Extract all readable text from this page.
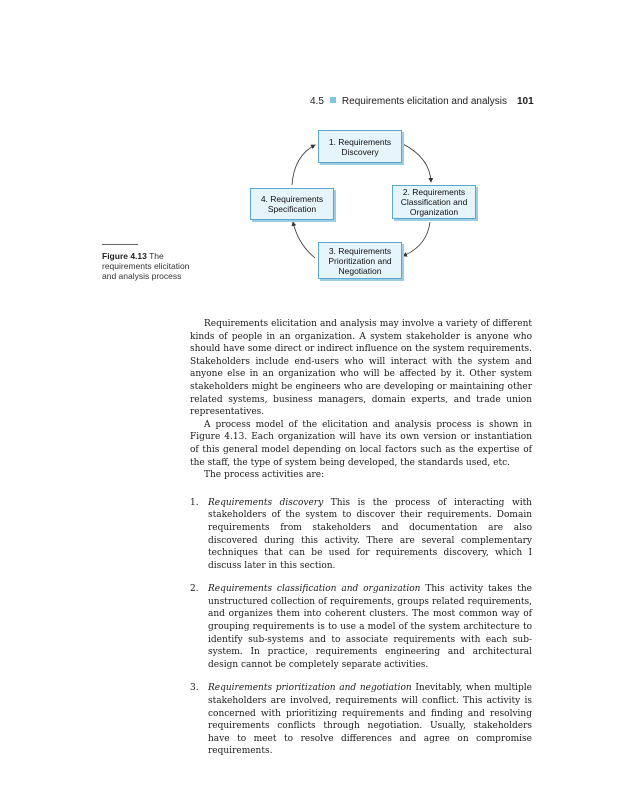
4.5 Requirements elicitation and analysis 101
1. Requirements
Discovery
2. Requirements
Classification and
Organization
3. Requirements
Prioritization and
Negotiation
4. Requirements
Specification
Figure 4.13 The requirements elicitation and analysis process

Requirements elicitation and analysis may involve a variety of different kinds of people in an organization. A system stakeholder is anyone who should have some direct or indirect influence on the system requirements. Stakeholders include end-users who will interact with the system and anyone else in an organization who will be affected by it. Other system stakeholders might be engineers who are developing or maintaining other related systems, business managers, domain experts, and trade union representatives.

A process model of the elicitation and analysis process is shown in Figure 4.13. Each organization will have its own version or instantiation of this general model depending on local factors such as the expertise of the staff, the type of system being developed, the standards used, etc.

The process activities are:

1. Requirements discovery This is the process of interacting with stakeholders of the system to discover their requirements. Domain requirements from stakeholders and documentation are also discovered during this activity. There are several complementary techniques that can be used for requirements discovery, which I discuss later in this section.
2. Requirements classification and organization This activity takes the unstructured collection of requirements, groups related requirements, and organizes them into coherent clusters. The most common way of grouping requirements is to use a model of the system architecture to identify sub-systems and to associate requirements with each sub-system. In practice, requirements engineering and architectural design cannot be completely separate activities.
3. Requirements prioritization and negotiation Inevitably, when multiple stakeholders are involved, requirements will conflict. This activity is concerned with prioritizing requirements and finding and resolving requirements conflicts through negotiation. Usually, stakeholders have to meet to resolve differences and agree on compromise requirements.
